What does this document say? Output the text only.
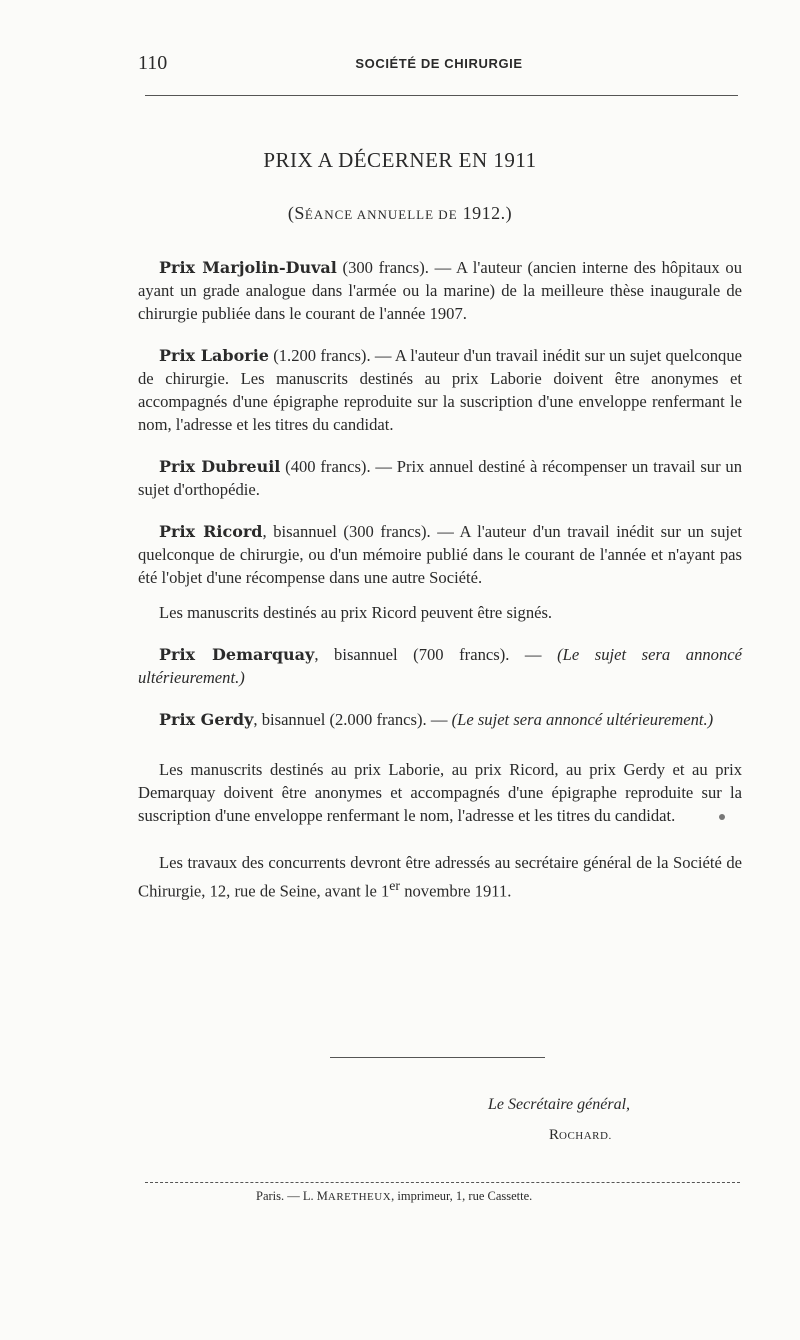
110	SOCIÉTÉ DE CHIRURGIE
PRIX A DÉCERNER EN 1911
(SÉANCE ANNUELLE DE 1912.)

Prix Marjolin-Duval (300 francs). — A l'auteur (ancien interne des hôpitaux ou ayant un grade analogue dans l'armée ou la marine) de la meilleure thèse inaugurale de chirurgie publiée dans le courant de l'année 1907.

Prix Laborie (1.200 francs). — A l'auteur d'un travail inédit sur un sujet quelconque de chirurgie. Les manuscrits destinés au prix Laborie doivent être anonymes et accompagnés d'une épigraphe reproduite sur la suscription d'une enveloppe renfermant le nom, l'adresse et les titres du candidat.

Prix Dubreuil (400 francs). — Prix annuel destiné à récompenser un travail sur un sujet d'orthopédie.

Prix Ricord, bisannuel (300 francs). — A l'auteur d'un travail inédit sur un sujet quelconque de chirurgie, ou d'un mémoire publié dans le courant de l'année et n'ayant pas été l'objet d'une récompense dans une autre Société.

Les manuscrits destinés au prix Ricord peuvent être signés.

Prix Demarquay, bisannuel (700 francs). — (Le sujet sera annoncé ultérieurement.)

Prix Gerdy, bisannuel (2.000 francs). — (Le sujet sera annoncé ultérieurement.)

Les manuscrits destinés au prix Laborie, au prix Ricord, au prix Gerdy et au prix Demarquay doivent être anonymes et accompagnés d'une épigraphe reproduite sur la suscription d'une enveloppe renfermant le nom, l'adresse et les titres du candidat.

Les travaux des concurrents devront être adressés au secrétaire général de la Société de Chirurgie, 12, rue de Seine, avant le 1er novembre 1911.

Le Secrétaire général,
ROCHARD.
Paris. — L. MARETHEUX, imprimeur, 1, rue Cassette.
